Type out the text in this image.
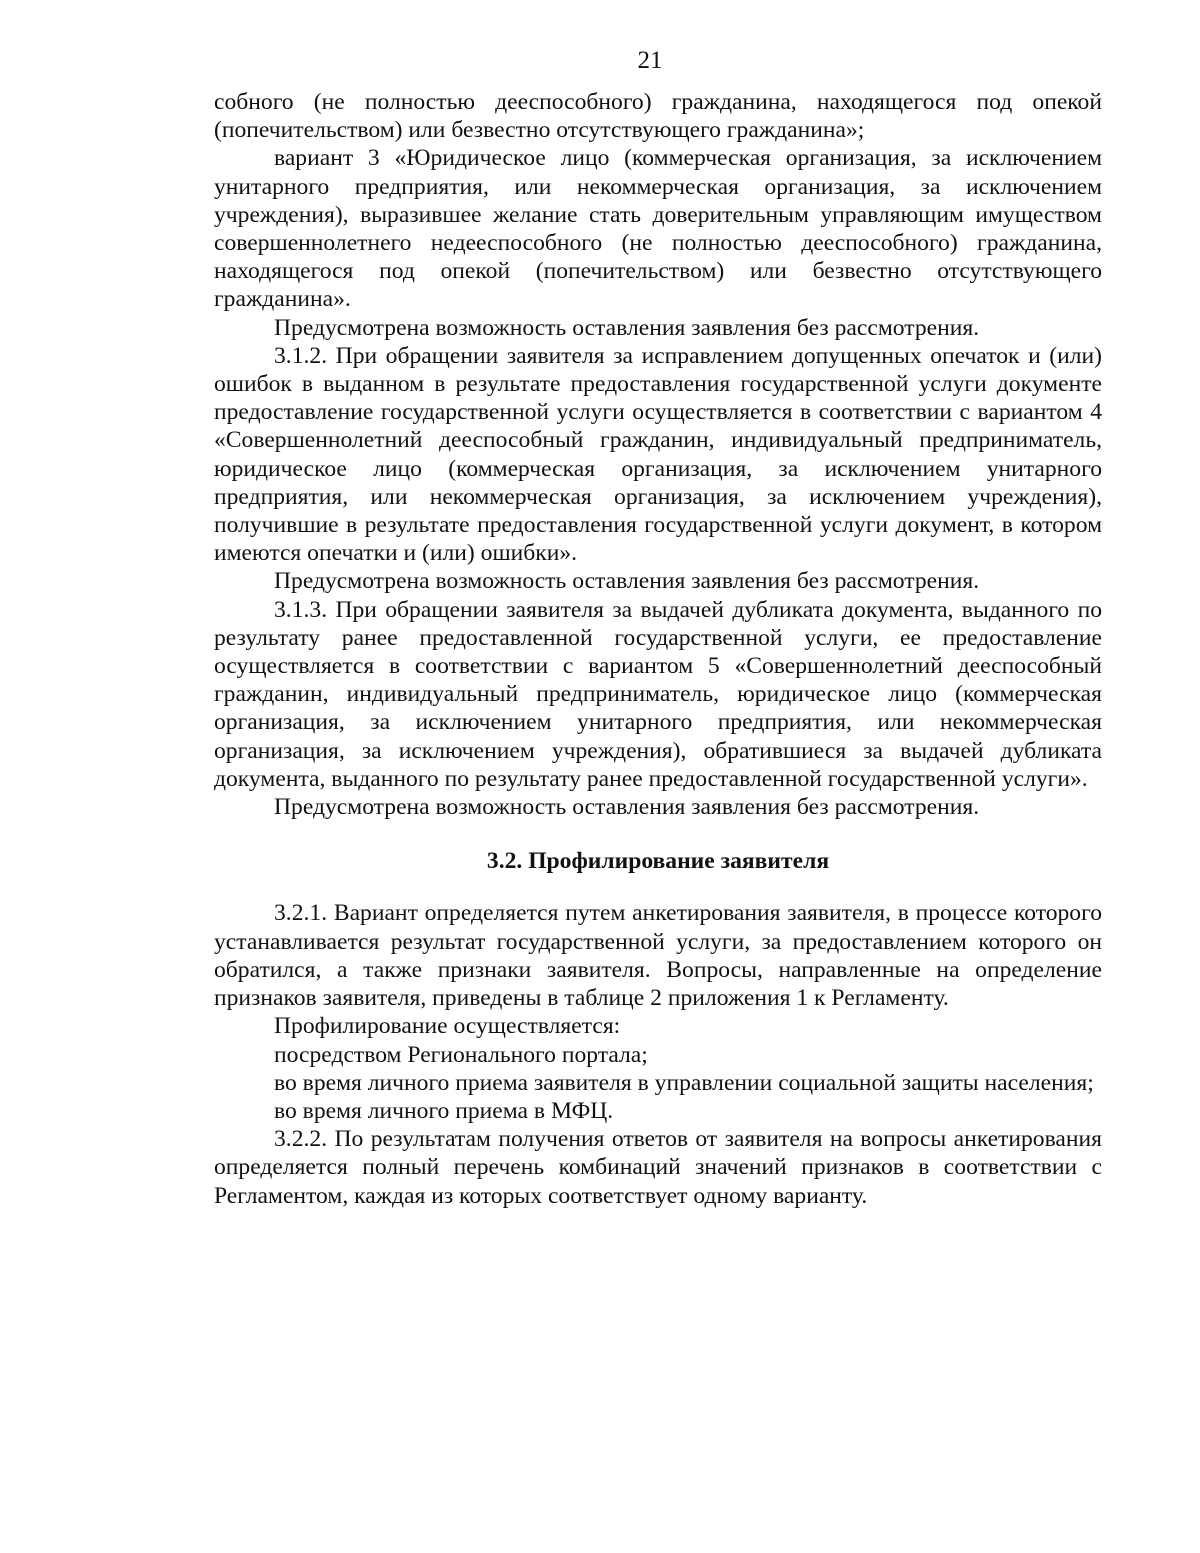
21

собного (не полностью дееспособного) гражданина, находящегося под опекой (попечительством) или безвестно отсутствующего гражданина»;

вариант 3 «Юридическое лицо (коммерческая организация, за исключением унитарного предприятия, или некоммерческая организация, за исключением учреждения), выразившее желание стать доверительным управляющим имуществом совершеннолетнего недееспособного (не полностью дееспособного) гражданина, находящегося под опекой (попечительством) или безвестно отсутствующего гражданина».

Предусмотрена возможность оставления заявления без рассмотрения.

3.1.2. При обращении заявителя за исправлением допущенных опечаток и (или) ошибок в выданном в результате предоставления государственной услуги документе предоставление государственной услуги осуществляется в соответствии с вариантом 4 «Совершеннолетний дееспособный гражданин, индивидуальный предприниматель, юридическое лицо (коммерческая организация, за исключением унитарного предприятия, или некоммерческая организация, за исключением учреждения), получившие в результате предоставления государственной услуги документ, в котором имеются опечатки и (или) ошибки».

Предусмотрена возможность оставления заявления без рассмотрения.

3.1.3. При обращении заявителя за выдачей дубликата документа, выданного по результату ранее предоставленной государственной услуги, ее предоставление осуществляется в соответствии с вариантом 5 «Совершеннолетний дееспособный гражданин, индивидуальный предприниматель, юридическое лицо (коммерческая организация, за исключением унитарного предприятия, или некоммерческая организация, за исключением учреждения), обратившиеся за выдачей дубликата документа, выданного по результату ранее предоставленной государственной услуги».

Предусмотрена возможность оставления заявления без рассмотрения.

3.2. Профилирование заявителя

3.2.1. Вариант определяется путем анкетирования заявителя, в процессе которого устанавливается результат государственной услуги, за предоставлением которого он обратился, а также признаки заявителя. Вопросы, направленные на определение признаков заявителя, приведены в таблице 2 приложения 1 к Регламенту.

Профилирование осуществляется:

посредством Регионального портала;

во время личного приема заявителя в управлении социальной защиты населения;

во время личного приема в МФЦ.

3.2.2. По результатам получения ответов от заявителя на вопросы анкетирования определяется полный перечень комбинаций значений признаков в соответствии с Регламентом, каждая из которых соответствует одному варианту.
